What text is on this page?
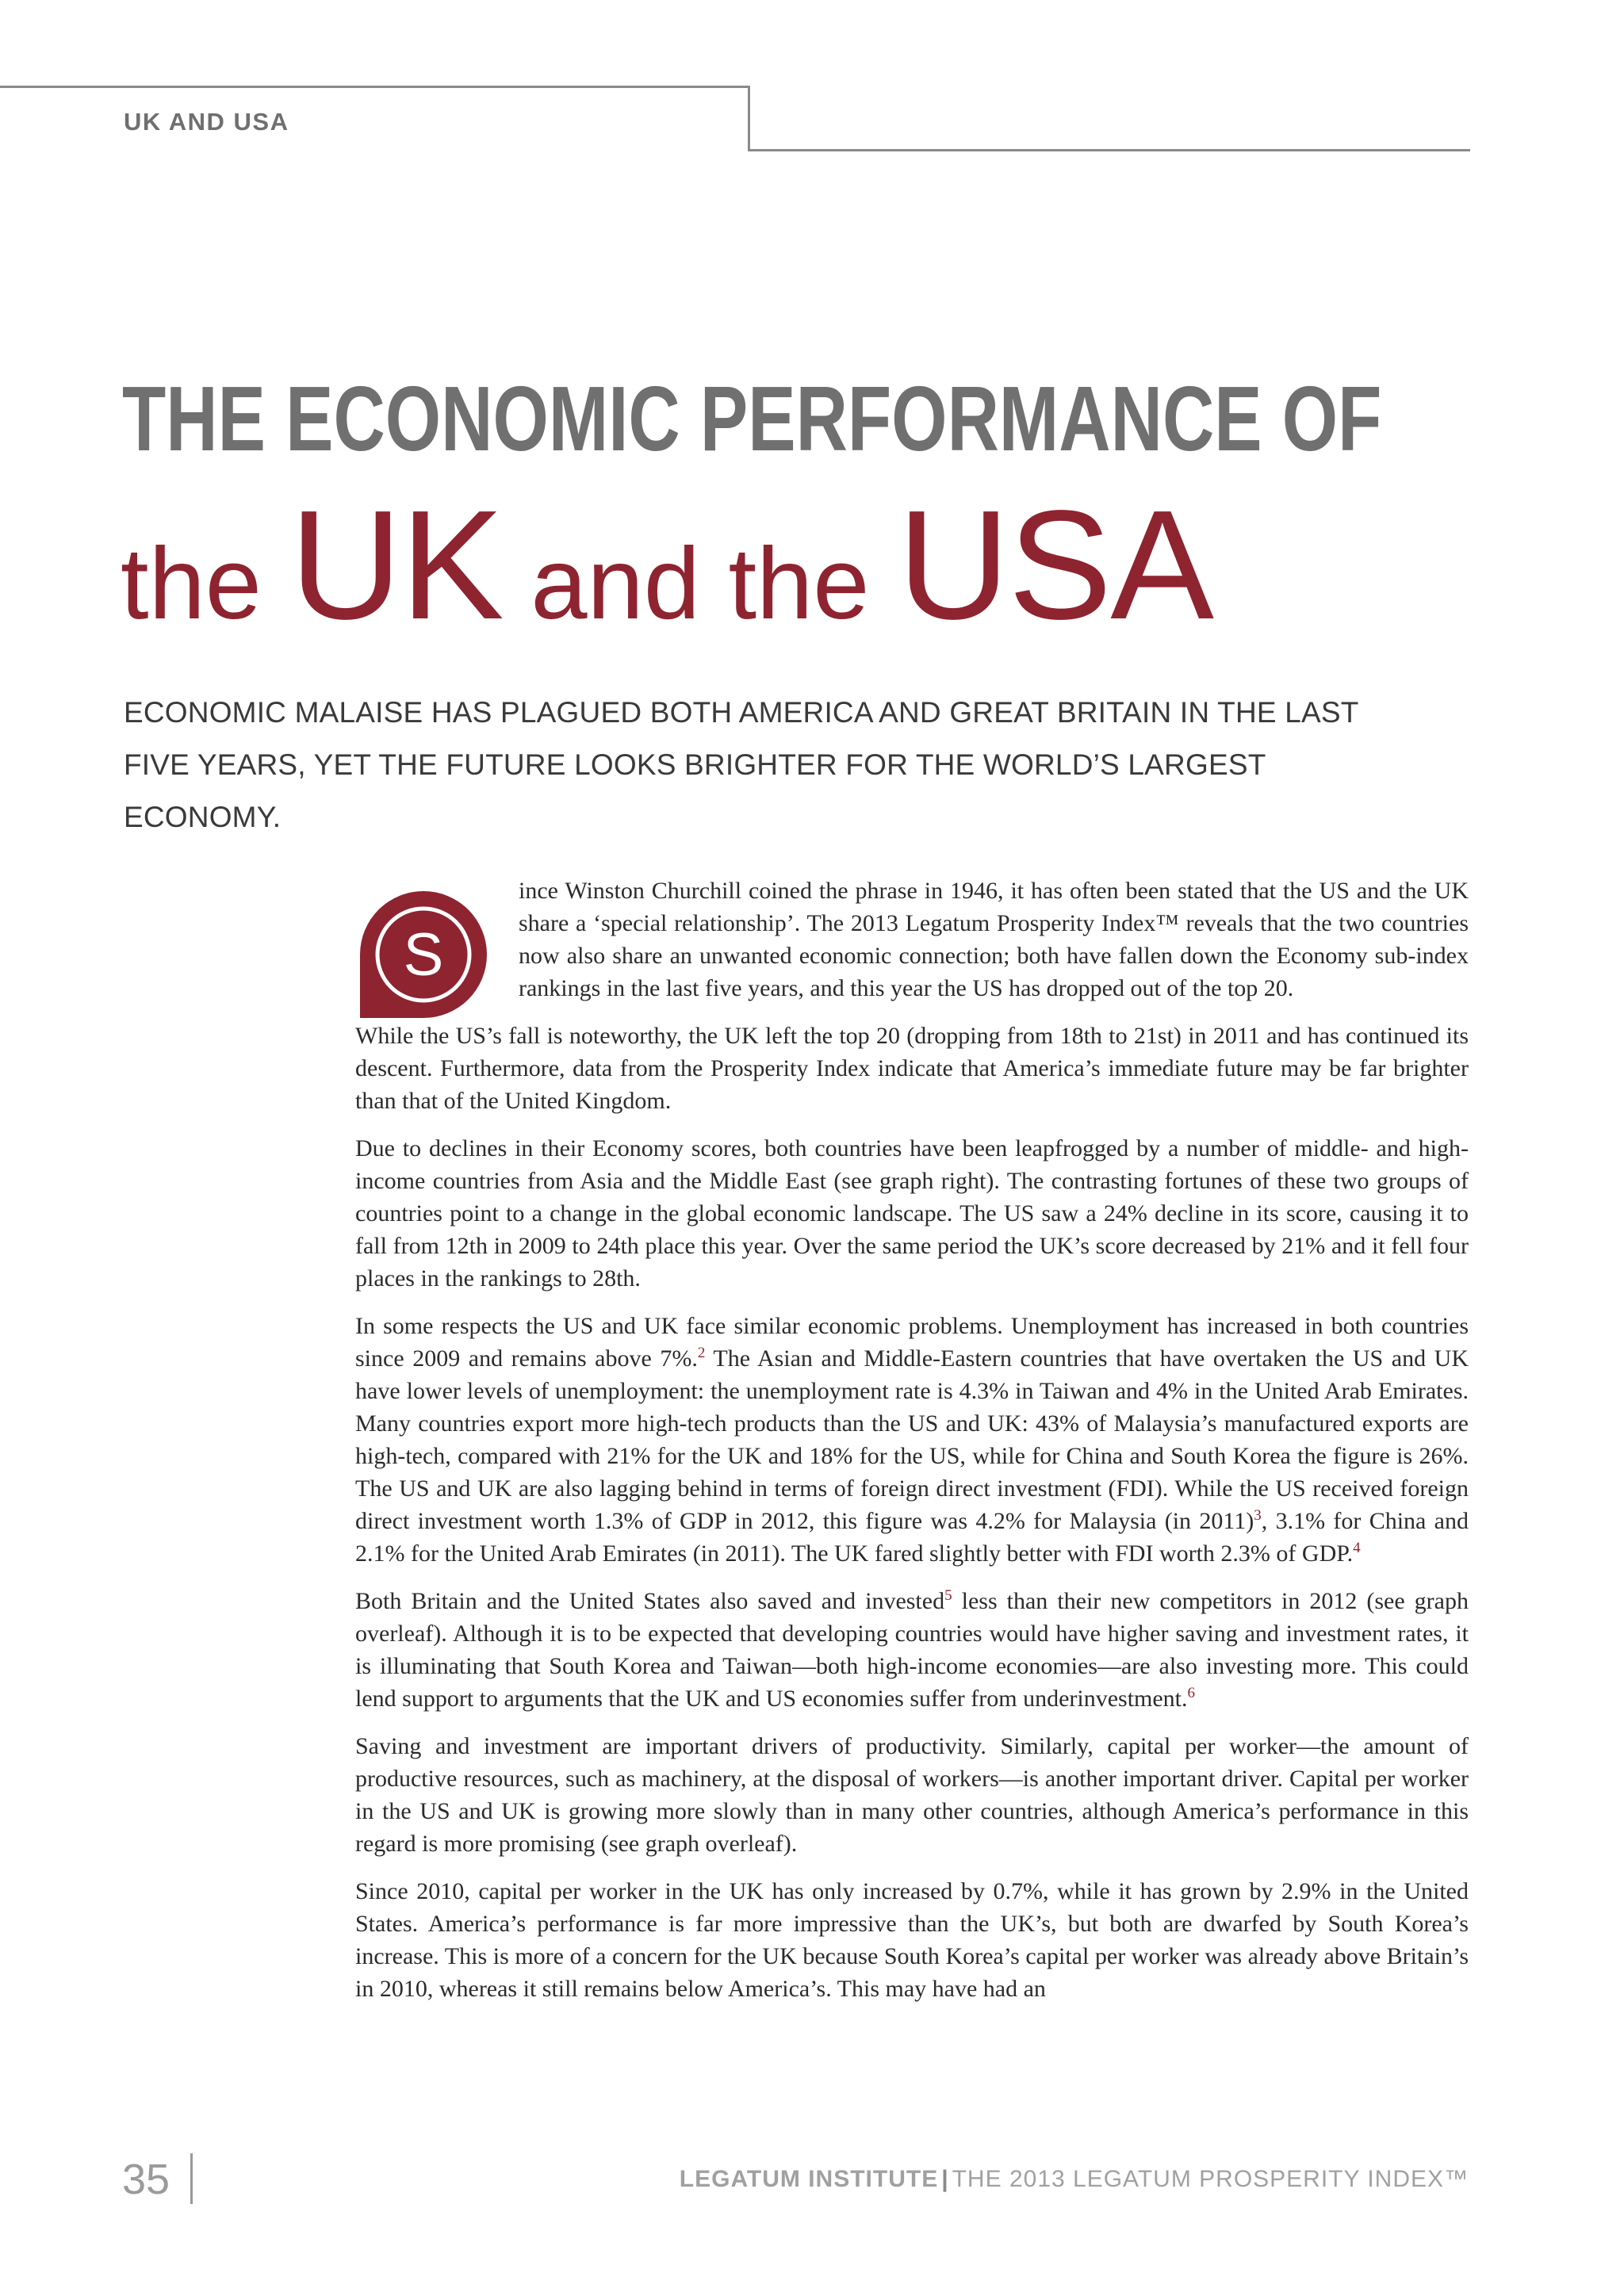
UK AND USA
THE ECONOMIC PERFORMANCE OF
the UK and the USA
ECONOMIC MALAISE HAS PLAGUED BOTH AMERICA AND GREAT BRITAIN IN THE LAST
FIVE YEARS, YET THE FUTURE LOOKS BRIGHTER FOR THE WORLD’S LARGEST ECONOMY.
S

ince Winston Churchill coined the phrase in 1946, it has often been stated that the US and the UK share a ‘special relationship’. The 2013 Legatum Prosperity Index™ reveals that the two countries now also share an unwanted economic connection; both have fallen down the Economy sub-index rankings in the last five years, and this year the US has dropped out of the top 20.

While the US’s fall is noteworthy, the UK left the top 20 (dropping from 18th to 21st) in 2011 and has continued its descent. Furthermore, data from the Prosperity Index indicate that America’s immediate future may be far brighter than that of the United Kingdom.

Due to declines in their Economy scores, both countries have been leapfrogged by a number of middle- and high-income countries from Asia and the Middle East (see graph right). The contrasting fortunes of these two groups of countries point to a change in the global economic landscape. The US saw a 24% decline in its score, causing it to fall from 12th in 2009 to 24th place this year. Over the same period the UK’s score decreased by 21% and it fell four places in the rankings to 28th.

In some respects the US and UK face similar economic problems. Unemployment has increased in both countries since 2009 and remains above 7%.$^2$ The Asian and Middle-Eastern countries that have overtaken the US and UK have lower levels of unemployment: the unemployment rate is 4.3% in Taiwan and 4% in the United Arab Emirates. Many countries export more high-tech products than the US and UK: 43% of Malaysia’s manufactured exports are high-tech, compared with 21% for the UK and 18% for the US, while for China and South Korea the figure is 26%. The US and UK are also lagging behind in terms of foreign direct investment (FDI). While the US received foreign direct investment worth 1.3% of GDP in 2012, this figure was 4.2% for Malaysia (in 2011)$^3$, 3.1% for China and 2.1% for the United Arab Emirates (in 2011). The UK fared slightly better with FDI worth 2.3% of GDP.$^4$

Both Britain and the United States also saved and invested$^5$ less than their new competitors in 2012 (see graph overleaf). Although it is to be expected that developing countries would have higher saving and investment rates, it is illuminating that South Korea and Taiwan—both high-income economies—are also investing more. This could lend support to arguments that the UK and US economies suffer from underinvestment.$^6$

Saving and investment are important drivers of productivity. Similarly, capital per worker—the amount of productive resources, such as machinery, at the disposal of workers—is another important driver. Capital per worker in the US and UK is growing more slowly than in many other countries, although America’s performance in this regard is more promising (see graph overleaf).

Since 2010, capital per worker in the UK has only increased by 0.7%, while it has grown by 2.9% in the United States. America’s performance is far more impressive than the UK’s, but both are dwarfed by South Korea’s increase. This is more of a concern for the UK because South Korea’s capital per worker was already above Britain’s in 2010, whereas it still remains below America’s. This may have had an

35	LEGATUM INSTITUTE | THE 2013 LEGATUM PROSPERITY INDEX™
